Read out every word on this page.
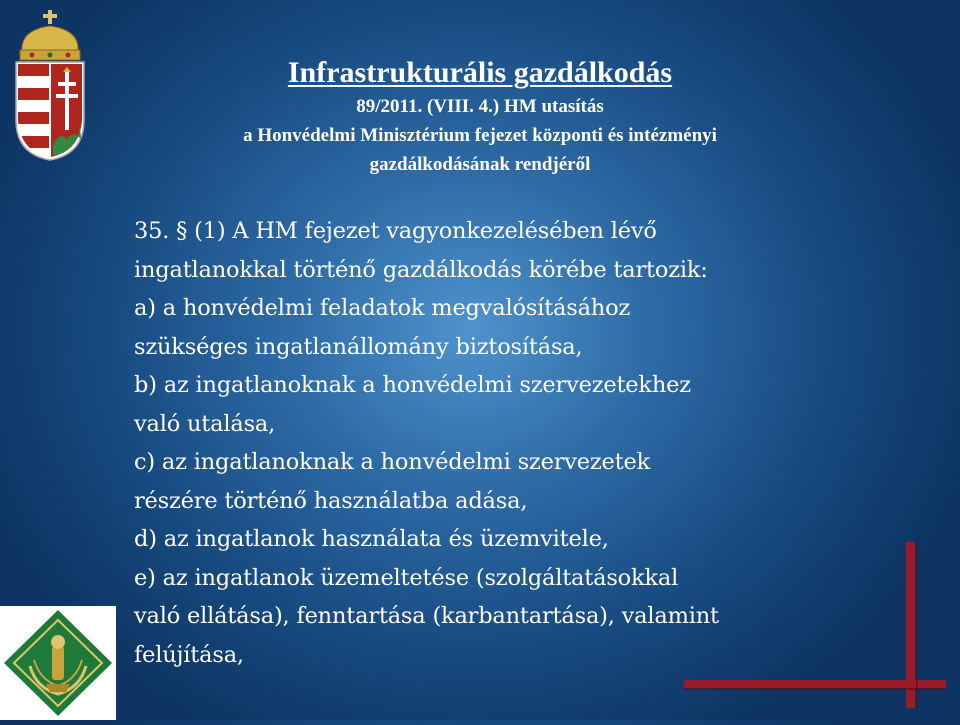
Infrastrukturális gazdálkodás
89/2011. (VIII. 4.) HM utasítás
a Honvédelmi Minisztérium fejezet központi és intézményi
gazdálkodásának rendjéről
35. § (1) A HM fejezet vagyonkezelésében lévő
ingatlanokkal történő gazdálkodás körébe tartozik:
a) a honvédelmi feladatok megvalósításához
szükséges ingatlanállomány biztosítása,
b) az ingatlanoknak a honvédelmi szervezetekhez
való utalása,
c) az ingatlanoknak a honvédelmi szervezetek
részére történő használatba adása,
d) az ingatlanok használata és üzemvitele,
e) az ingatlanok üzemeltetése (szolgáltatásokkal
való ellátása), fenntartása (karbantartása), valamint
felújítása,
